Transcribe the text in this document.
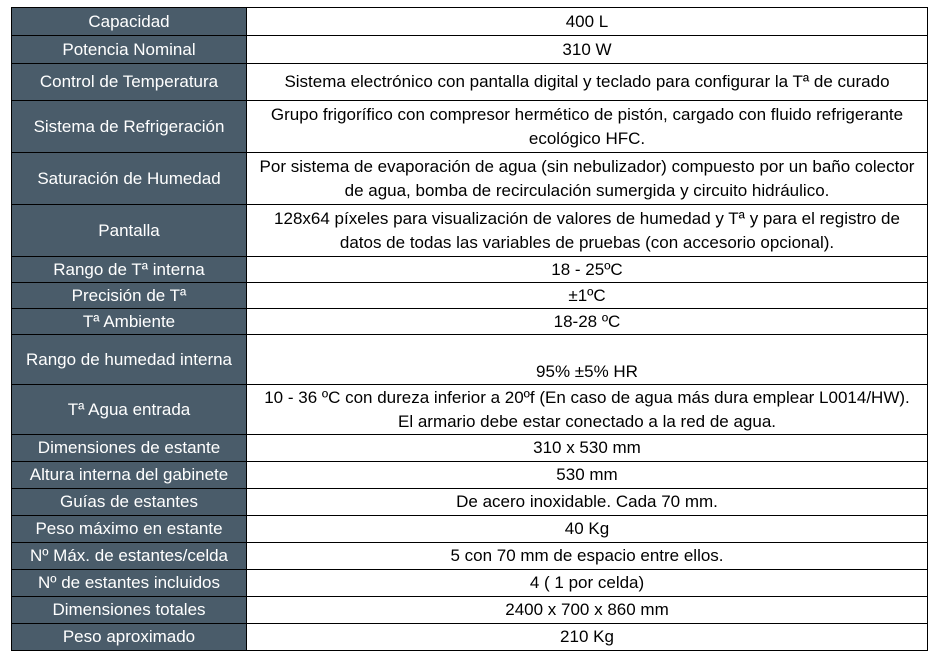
Capacidad	400 L
Potencia Nominal	310 W
Control de Temperatura	Sistema electrónico con pantalla digital y teclado para configurar la Tª de curado
Sistema de Refrigeración	Grupo frigorífico con compresor hermético de pistón, cargado con fluido refrigerante ecológico HFC.
Saturación de Humedad	Por sistema de evaporación de agua (sin nebulizador) compuesto por un baño colector de agua, bomba de recirculación sumergida y circuito hidráulico.
Pantalla	128x64 píxeles para visualización de valores de humedad y Tª y para el registro de datos de todas las variables de pruebas (con accesorio opcional).
Rango de Tª interna	18 - 25ºC
Precisión de Tª	±1ºC
Tª Ambiente	18-28 ºC
Rango de humedad interna	95% ±5% HR
Tª Agua entrada	10 - 36 ºC con dureza inferior a 20ºf (En caso de agua más dura emplear L0014/HW). El armario debe estar conectado a la red de agua.
Dimensiones de estante	310 x 530 mm
Altura interna del gabinete	530 mm
Guías de estantes	De acero inoxidable. Cada 70 mm.
Peso máximo en estante	40 Kg
Nº Máx. de estantes/celda	5 con 70 mm de espacio entre ellos.
Nº de estantes incluidos	4 ( 1 por celda)
Dimensiones totales	2400 x 700 x 860 mm
Peso aproximado	210 Kg
